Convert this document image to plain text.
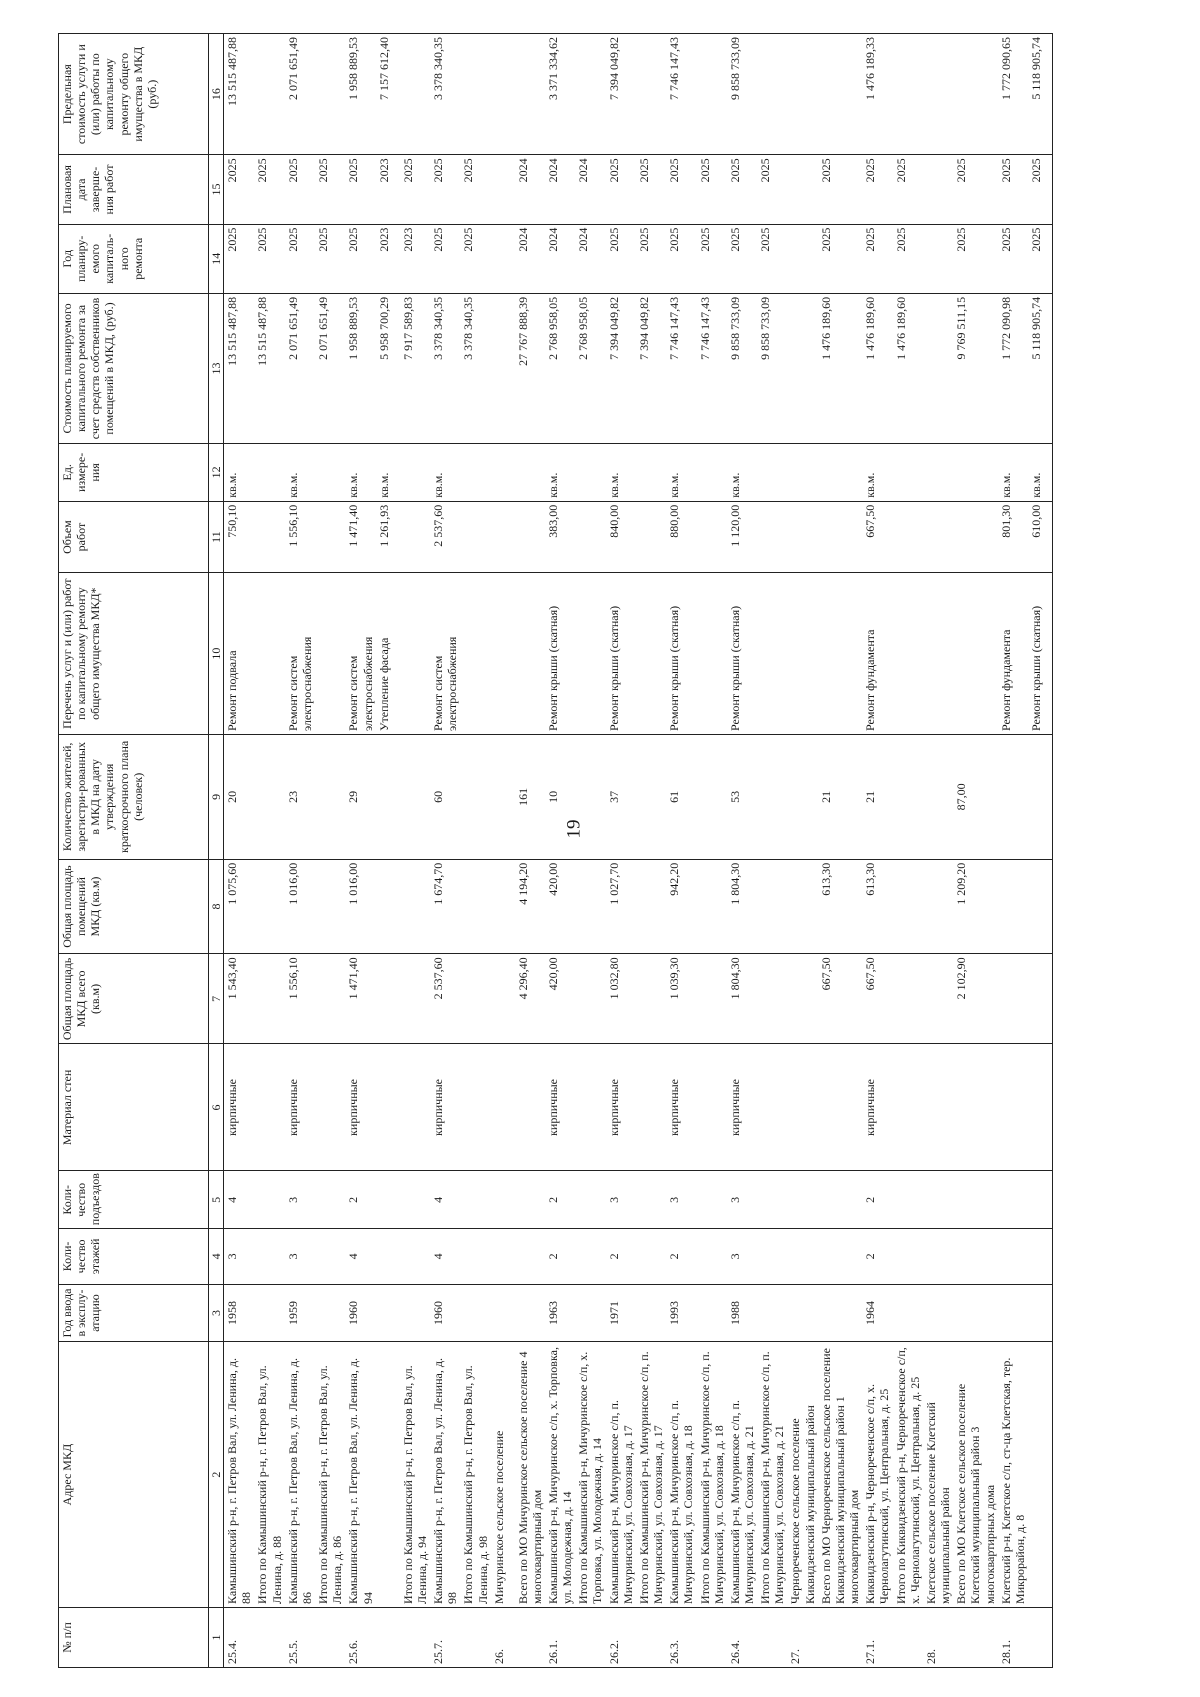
19
№ п/п	Адрес МКД	Год ввода в эксплу-атацию	Коли-чество этажей	Коли-чество подъездов	Материал стен	Общая площадь МКД всего (кв.м)	Общая площадь помещений МКД (кв.м)	Количество жителей, зарегистри-рованных в МКД на дату утверждения краткосрочного плана (человек)	Перечень услуг и (или) работ по капитальному ремонту общего имущества МКД*	Объем работ	Ед. измере-ния	Стоимость планируемого капитального ремонта за счет средств собственников помещений в МКД, (руб.)	Год планиру-емого капиталь-ного ремонта	Плановая дата заверше-ния работ	Предельная стоимость услуги и (или) работы по капитальному ремонту общего имущества в МКД (руб.)
1	2	3	4	5	6	7	8	9	10	11	12	13	14	15	16
25.4.	Камышинский р-н, г. Петров Вал, ул. Ленина, д. 88	1958	3	4	кирпичные	1 543,40	1 075,60	20	Ремонт подвала	750,10	кв.м.	13 515 487,88	2025	2025	13 515 487,88
	Итого по Камышинский р-н, г. Петров Вал, ул. Ленина, д. 88											13 515 487,88	2025	2025	
25.5.	Камышинский р-н, г. Петров Вал, ул. Ленина, д. 86	1959	3	3	кирпичные	1 556,10	1 016,00	23	Ремонт систем электроснабжения	1 556,10	кв.м.	2 071 651,49	2025	2025	2 071 651,49
	Итого по Камышинский р-н, г. Петров Вал, ул. Ленина, д. 86											2 071 651,49	2025	2025	
25.6.	Камышинский р-н, г. Петров Вал, ул. Ленина, д. 94	1960	4	2	кирпичные	1 471,40	1 016,00	29	Ремонт систем электроснабжения	1 471,40	кв.м.	1 958 889,53	2025	2025	1 958 889,53
									Утепление фасада	1 261,93	кв.м.	5 958 700,29	2023	2023	7 157 612,40
	Итого по Камышинский р-н, г. Петров Вал, ул. Ленина, д. 94											7 917 589,83	2023	2025	
25.7.	Камышинский р-н, г. Петров Вал, ул. Ленина, д. 98	1960	4	4	кирпичные	2 537,60	1 674,70	60	Ремонт систем электроснабжения	2 537,60	кв.м.	3 378 340,35	2025	2025	3 378 340,35
	Итого по Камышинский р-н, г. Петров Вал, ул. Ленина, д. 98											3 378 340,35	2025	2025	
26.	Мичуринское сельское поселение														
	Всего по МО Мичуринское сельское поселение 4 многоквартирный дом					4 296,40	4 194,20	161				27 767 888,39	2024	2024	
26.1.	Камышинский р-н, Мичуринское с/п, х. Торповка, ул. Молодежная, д. 14	1963	2	2	кирпичные	420,00	420,00	10	Ремонт крыши (скатная)	383,00	кв.м.	2 768 958,05	2024	2024	3 371 334,62
	Итого по Камышинский р-н, Мичуринское с/п, х. Торповка, ул. Молодежная, д. 14											2 768 958,05	2024	2024	
26.2.	Камышинский р-н, Мичуринское с/п, п. Мичуринский, ул. Совхозная, д. 17	1971	2	3	кирпичные	1 032,80	1 027,70	37	Ремонт крыши (скатная)	840,00	кв.м.	7 394 049,82	2025	2025	7 394 049,82
	Итого по Камышинский р-н, Мичуринское с/п, п. Мичуринский, ул. Совхозная, д. 17											7 394 049,82	2025	2025	
26.3.	Камышинский р-н, Мичуринское с/п, п. Мичуринский, ул. Совхозная, д. 18	1993	2	3	кирпичные	1 039,30	942,20	61	Ремонт крыши (скатная)	880,00	кв.м.	7 746 147,43	2025	2025	7 746 147,43
	Итого по Камышинский р-н, Мичуринское с/п, п. Мичуринский, ул. Совхозная, д. 18											7 746 147,43	2025	2025	
26.4.	Камышинский р-н, Мичуринское с/п, п. Мичуринский, ул. Совхозная, д. 21	1988	3	3	кирпичные	1 804,30	1 804,30	53	Ремонт крыши (скатная)	1 120,00	кв.м.	9 858 733,09	2025	2025	9 858 733,09
	Итого по Камышинский р-н, Мичуринское с/п, п. Мичуринский, ул. Совхозная, д. 21											9 858 733,09	2025	2025	
27.	Чернореченское сельское поселение Киквидзенский муниципальный район														
	Всего по МО Чернореченское сельское поселение Киквидзенский муниципальный район 1 многоквартирный дом					667,50	613,30	21				1 476 189,60	2025	2025	
27.1.	Киквидзенский р-н, Чернореченское с/п, х. Чернолагутинский, ул. Центральная, д. 25	1964	2	2	кирпичные	667,50	613,30	21	Ремонт фундамента	667,50	кв.м.	1 476 189,60	2025	2025	1 476 189,33
	Итого по Киквидзенский р-н, Чернореченское с/п, х. Чернолагутинский, ул. Центральная, д. 25											1 476 189,60	2025	2025	
28.	Клетское сельское поселение Клетский муниципальный район														
	Всего по МО Клетское сельское поселение Клетский муниципальный район 3 многоквартирных дома					2 102,90	1 209,20	87,00				9 769 511,15	2025	2025	
28.1.	Клетский р-н, Клетское с/п, ст-ца Клетская, тер. Микрорайон, д. 8								Ремонт фундамента	801,30	кв.м.	1 772 090,98	2025	2025	1 772 090,65
									Ремонт крыши (скатная)	610,00	кв.м.	5 118 905,74	2025	2025	5 118 905,74
